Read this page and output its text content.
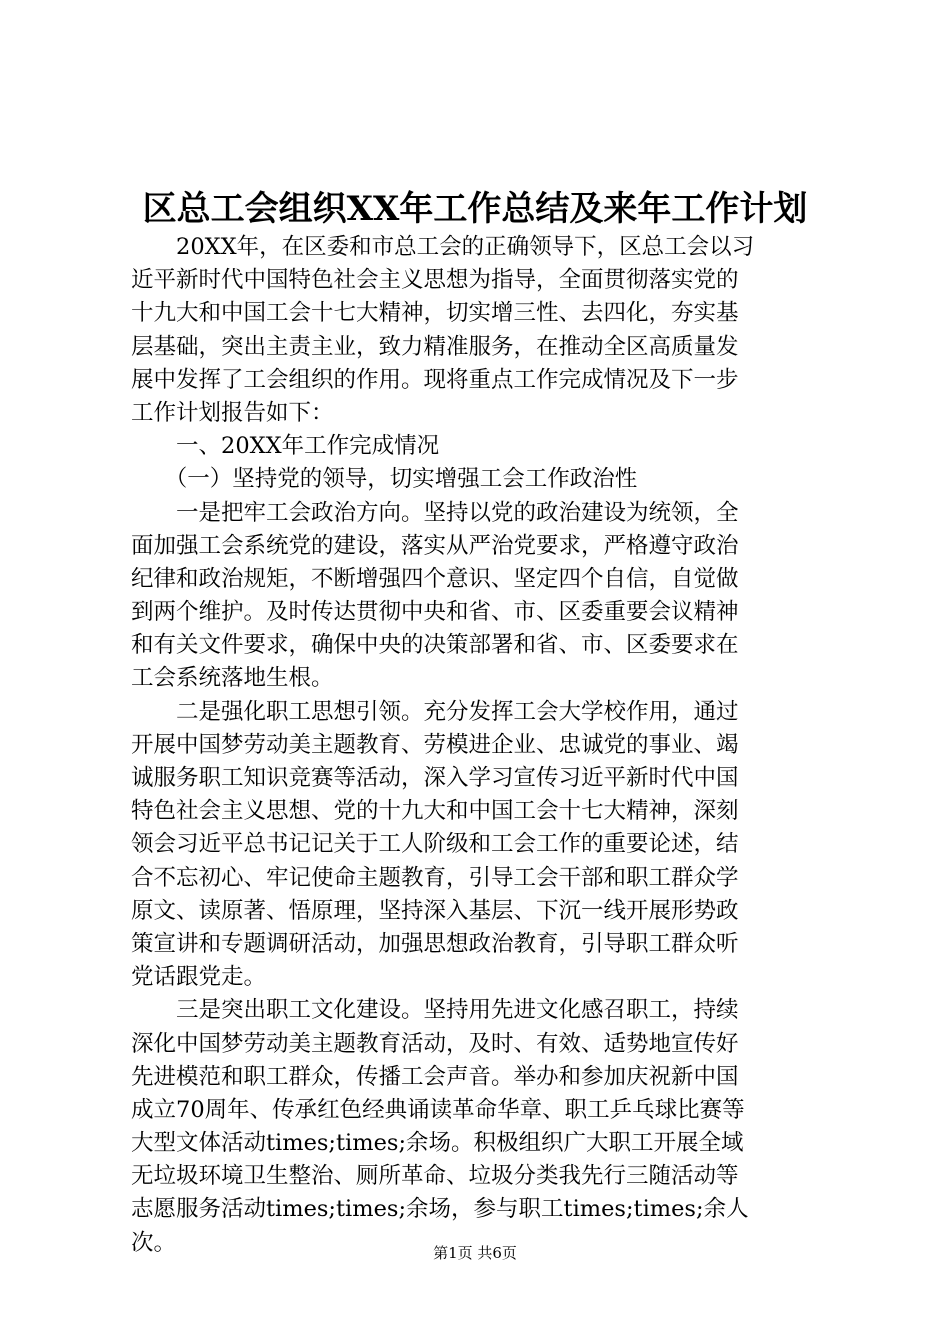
区总工会组织XX年工作总结及来年工作计划
　　20XX年，在区委和市总工会的正确领导下，区总工会以习
近平新时代中国特色社会主义思想为指导，全面贯彻落实党的
十九大和中国工会十七大精神，切实增三性、去四化，夯实基
层基础，突出主责主业，致力精准服务，在推动全区高质量发
展中发挥了工会组织的作用。现将重点工作完成情况及下一步
工作计划报告如下：
　　一、20XX年工作完成情况
　　（一）坚持党的领导，切实增强工会工作政治性
　　一是把牢工会政治方向。坚持以党的政治建设为统领，全
面加强工会系统党的建设，落实从严治党要求，严格遵守政治
纪律和政治规矩，不断增强四个意识、坚定四个自信，自觉做
到两个维护。及时传达贯彻中央和省、市、区委重要会议精神
和有关文件要求，确保中央的决策部署和省、市、区委要求在
工会系统落地生根。
　　二是强化职工思想引领。充分发挥工会大学校作用，通过
开展中国梦劳动美主题教育、劳模进企业、忠诚党的事业、竭
诚服务职工知识竞赛等活动，深入学习宣传习近平新时代中国
特色社会主义思想、党的十九大和中国工会十七大精神，深刻
领会习近平总书记记关于工人阶级和工会工作的重要论述，结
合不忘初心、牢记使命主题教育，引导工会干部和职工群众学
原文、读原著、悟原理，坚持深入基层、下沉一线开展形势政
策宣讲和专题调研活动，加强思想政治教育，引导职工群众听
党话跟党走。
　　三是突出职工文化建设。坚持用先进文化感召职工，持续
深化中国梦劳动美主题教育活动，及时、有效、适势地宣传好
先进模范和职工群众，传播工会声音。举办和参加庆祝新中国
成立70周年、传承红色经典诵读革命华章、职工乒乓球比赛等
大型文体活动times;times;余场。积极组织广大职工开展全域
无垃圾环境卫生整治、厕所革命、垃圾分类我先行三随活动等
志愿服务活动times;times;余场，参与职工times;times;余人
次。	第1页 共6页
